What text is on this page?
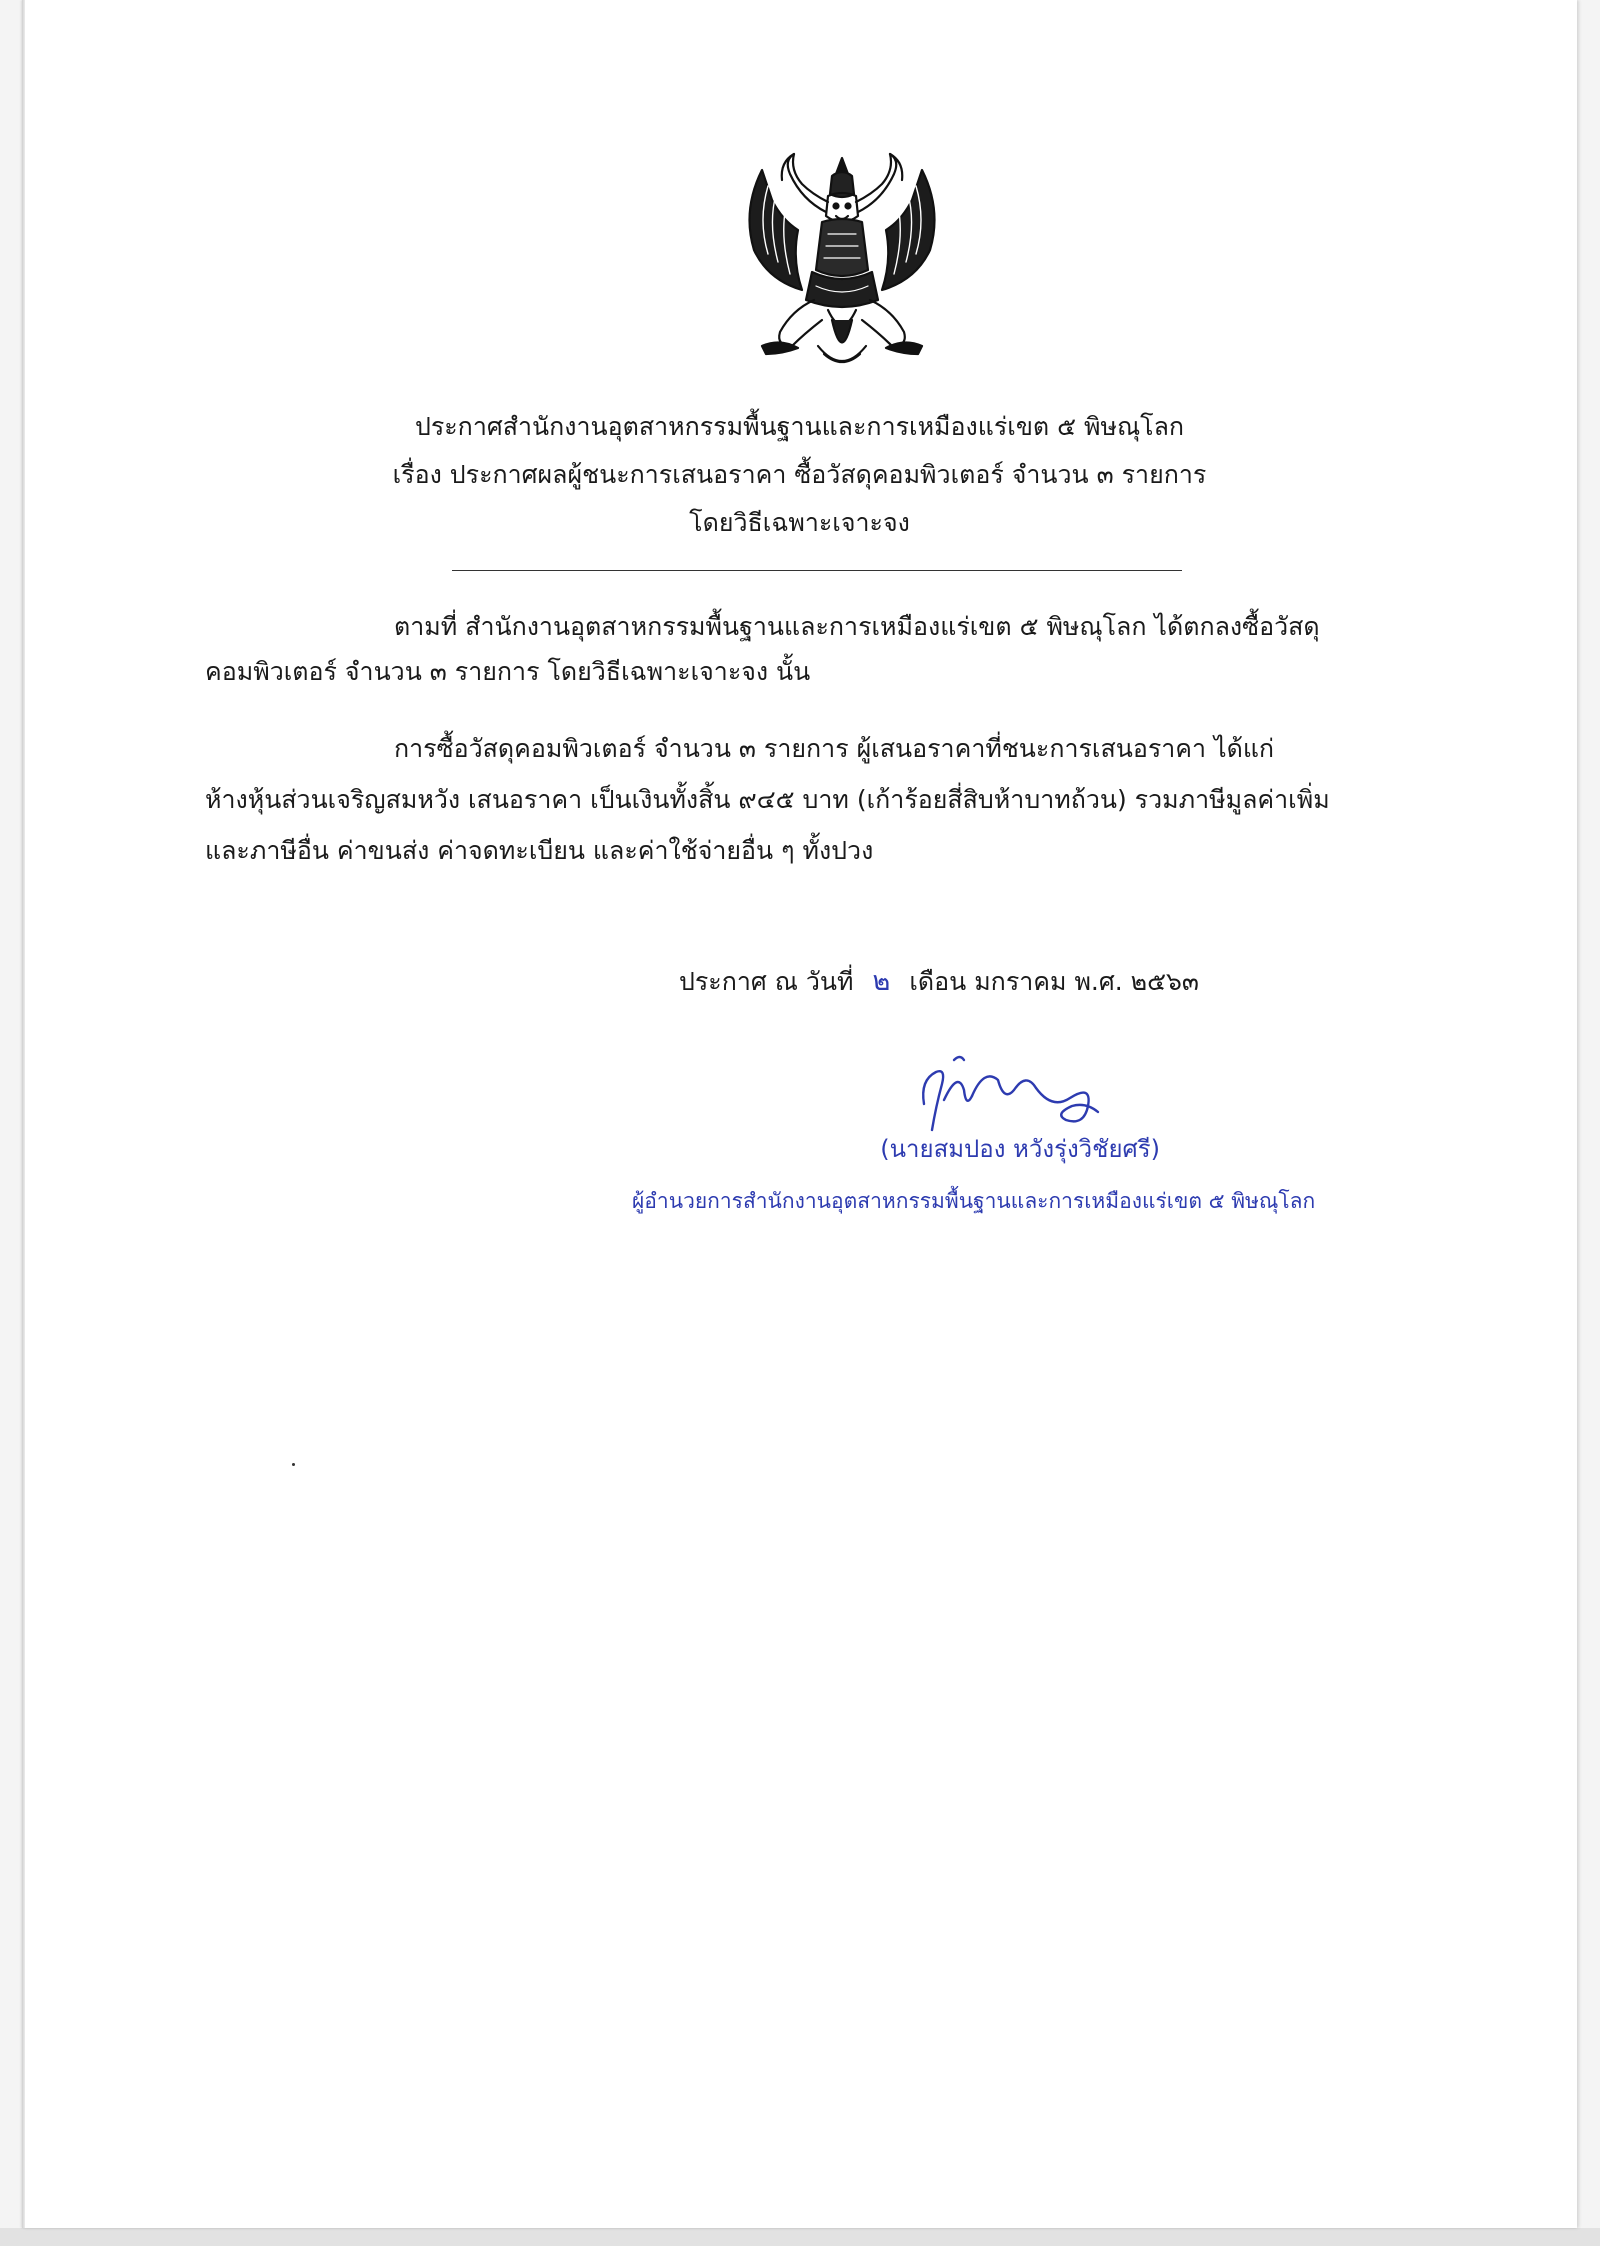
ประกาศสำนักงานอุตสาหกรรมพื้นฐานและการเหมืองแร่เขต ๕ พิษณุโลก
เรื่อง ประกาศผลผู้ชนะการเสนอราคา ซื้อวัสดุคอมพิวเตอร์ จำนวน ๓ รายการ
โดยวิธีเฉพาะเจาะจง
ตามที่ สำนักงานอุตสาหกรรมพื้นฐานและการเหมืองแร่เขต ๕ พิษณุโลก ได้ตกลงซื้อวัสดุ
คอมพิวเตอร์ จำนวน ๓ รายการ โดยวิธีเฉพาะเจาะจง นั้น
การซื้อวัสดุคอมพิวเตอร์ จำนวน ๓ รายการ ผู้เสนอราคาที่ชนะการเสนอราคา ได้แก่
ห้างหุ้นส่วนเจริญสมหวัง เสนอราคา เป็นเงินทั้งสิ้น ๙๔๕ บาท (เก้าร้อยสี่สิบห้าบาทถ้วน) รวมภาษีมูลค่าเพิ่ม
และภาษีอื่น ค่าขนส่ง ค่าจดทะเบียน และค่าใช้จ่ายอื่น ๆ ทั้งปวง
ประกาศ ณ วันที่ ๒ เดือน มกราคม พ.ศ. ๒๕๖๓
(นายสมปอง หวังรุ่งวิชัยศรี)
ผู้อำนวยการสำนักงานอุตสาหกรรมพื้นฐานและการเหมืองแร่เขต ๕ พิษณุโลก
